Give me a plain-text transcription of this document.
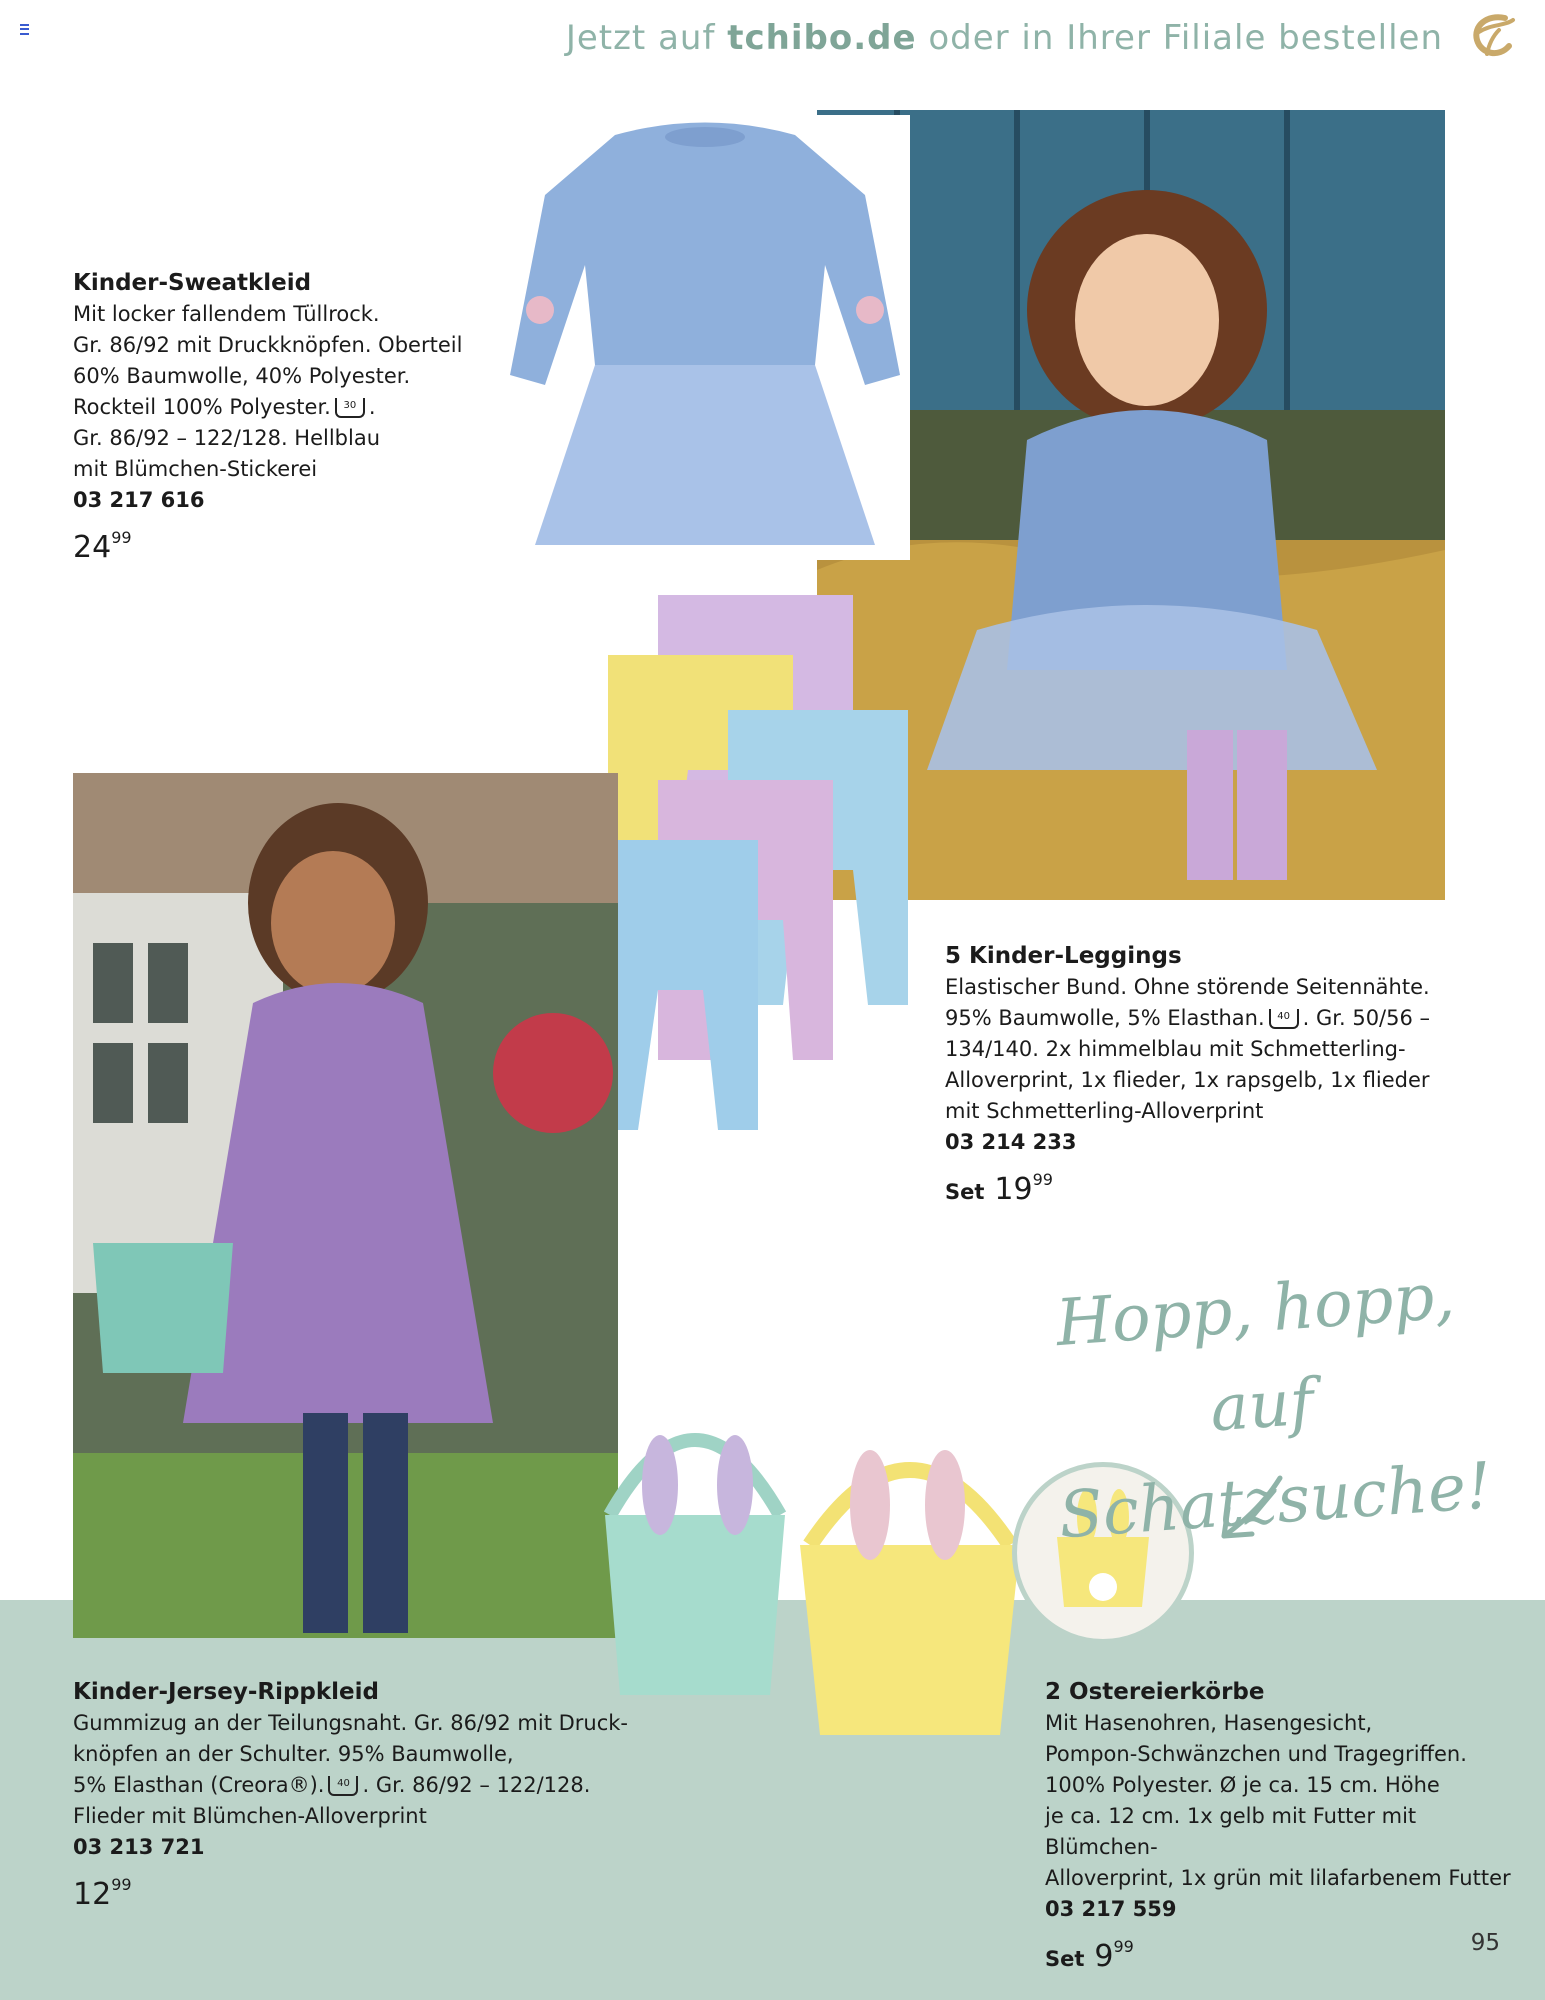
Jetzt auf tchibo.de oder in Ihrer Filiale bestellen
Kinder-Sweatkleid
Mit locker fallendem Tüllrock.
Gr. 86/92 mit Druckknöpfen. Oberteil
60% Baumwolle, 40% Polyester.
Rockteil 100% Polyester. 30 .
Gr. 86/92 – 122/128. Hellblau
mit Blümchen-Stickerei
03 217 616
$24^{99}$
5 Kinder-Leggings
Elastischer Bund. Ohne störende Seitennähte.
95% Baumwolle, 5% Elasthan. 40 . Gr. 50/56 –
134/140. 2x himmelblau mit Schmetterling-
Alloverprint, 1x flieder, 1x rapsgelb, 1x flieder
mit Schmetterling-Alloverprint
03 214 233
Set $19^{99}$
Hopp, hopp, auf
Schatzsuche!
Kinder-Jersey-Rippkleid
Gummizug an der Teilungsnaht. Gr. 86/92 mit Druck-
knöpfen an der Schulter. 95% Baumwolle,
5% Elasthan (Creora®). 40 . Gr. 86/92 – 122/128.
Flieder mit Blümchen-Alloverprint
03 213 721
$12^{99}$
2 Ostereierkörbe
Mit Hasenohren, Hasengesicht,
Pompon-Schwänzchen und Tragegriffen.
100% Polyester. Ø je ca. 15 cm. Höhe
je ca. 12 cm. 1x gelb mit Futter mit Blümchen-
Alloverprint, 1x grün mit lilafarbenem Futter
03 217 559
Set $9^{99}$	95
